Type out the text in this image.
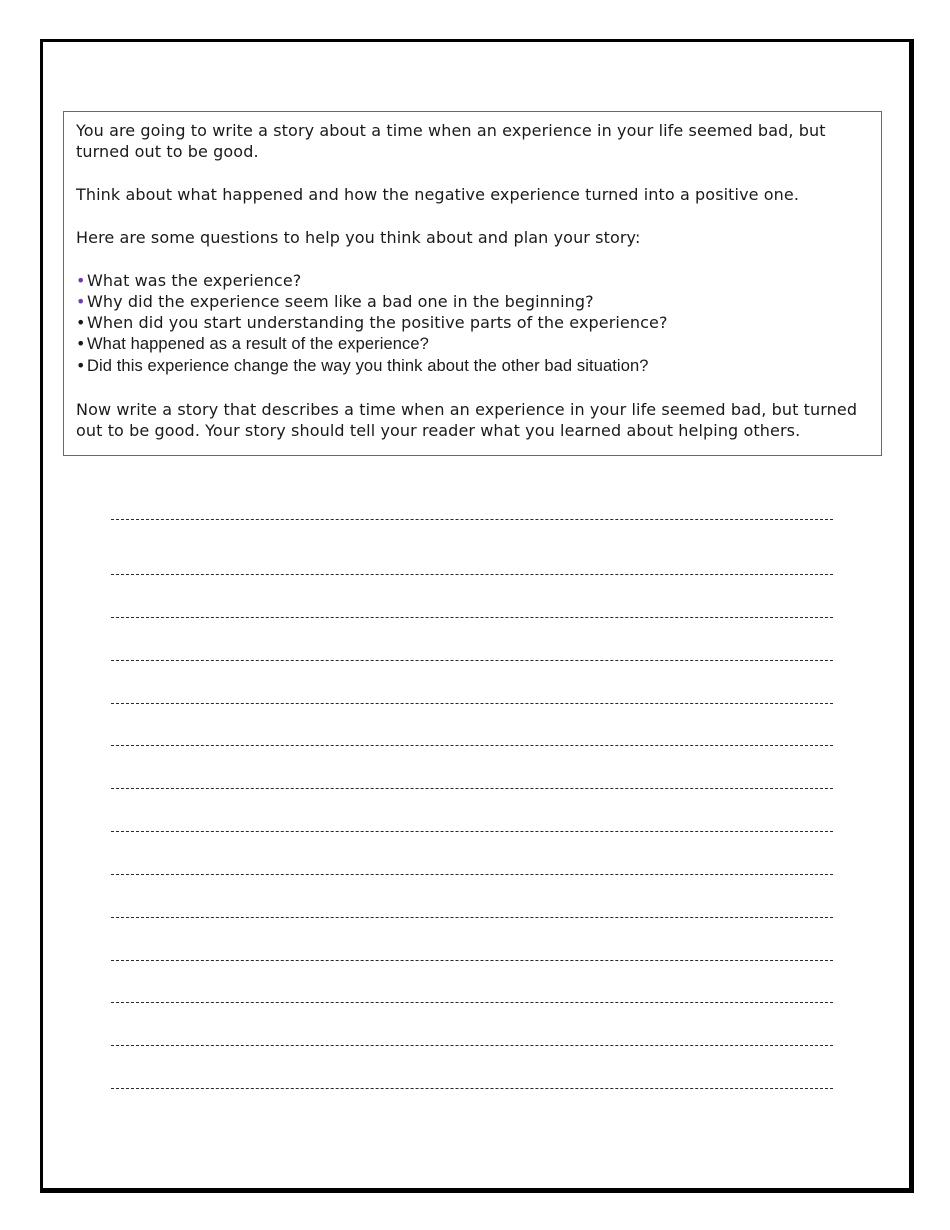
You are going to write a story about a time when an experience in your life seemed bad, but turned out to be good.

Think about what happened and how the negative experience turned into a positive one.

Here are some questions to help you think about and plan your story:

•What was the experience?
•Why did the experience seem like a bad one in the beginning?
•When did you start understanding the positive parts of the experience?
•What happened as a result of the experience?
•Did this experience change the way you think about the other bad situation?

Now write a story that describes a time when an experience in your life seemed bad, but turned out to be good. Your story should tell your reader what you learned about helping others.
